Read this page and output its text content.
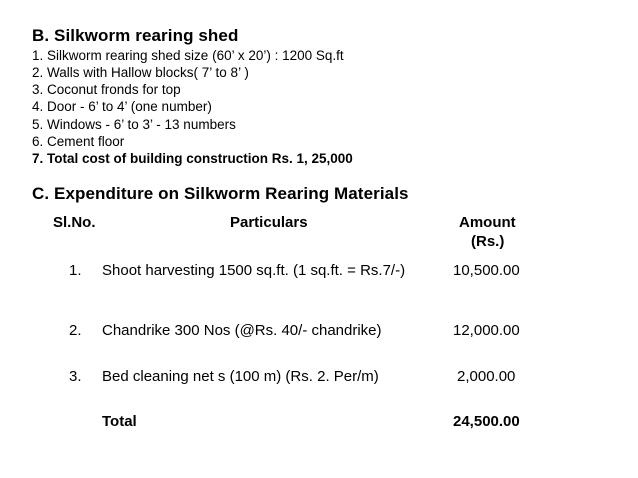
B. Silkworm rearing shed
1. Silkworm rearing shed size (60’ x 20’) : 1200 Sq.ft
2. Walls with Hallow blocks( 7’ to 8’ )
3. Coconut fronds for top
4. Door - 6’ to 4’ (one number)
5. Windows - 6’ to 3’ - 13 numbers
6. Cement floor
7. Total cost of building construction Rs. 1, 25,000
C. Expenditure on Silkworm Rearing Materials
Sl.No.	Particulars	Amount
(Rs.)
1. Shoot harvesting 1500 sq.ft. (1 sq.ft. = Rs.7/-)	10,500.00
2. Chandrike 300 Nos (@Rs. 40/- chandrike)	12,000.00
3. Bed cleaning net s (100 m) (Rs. 2. Per/m)	2,000.00
Total	24,500.00
